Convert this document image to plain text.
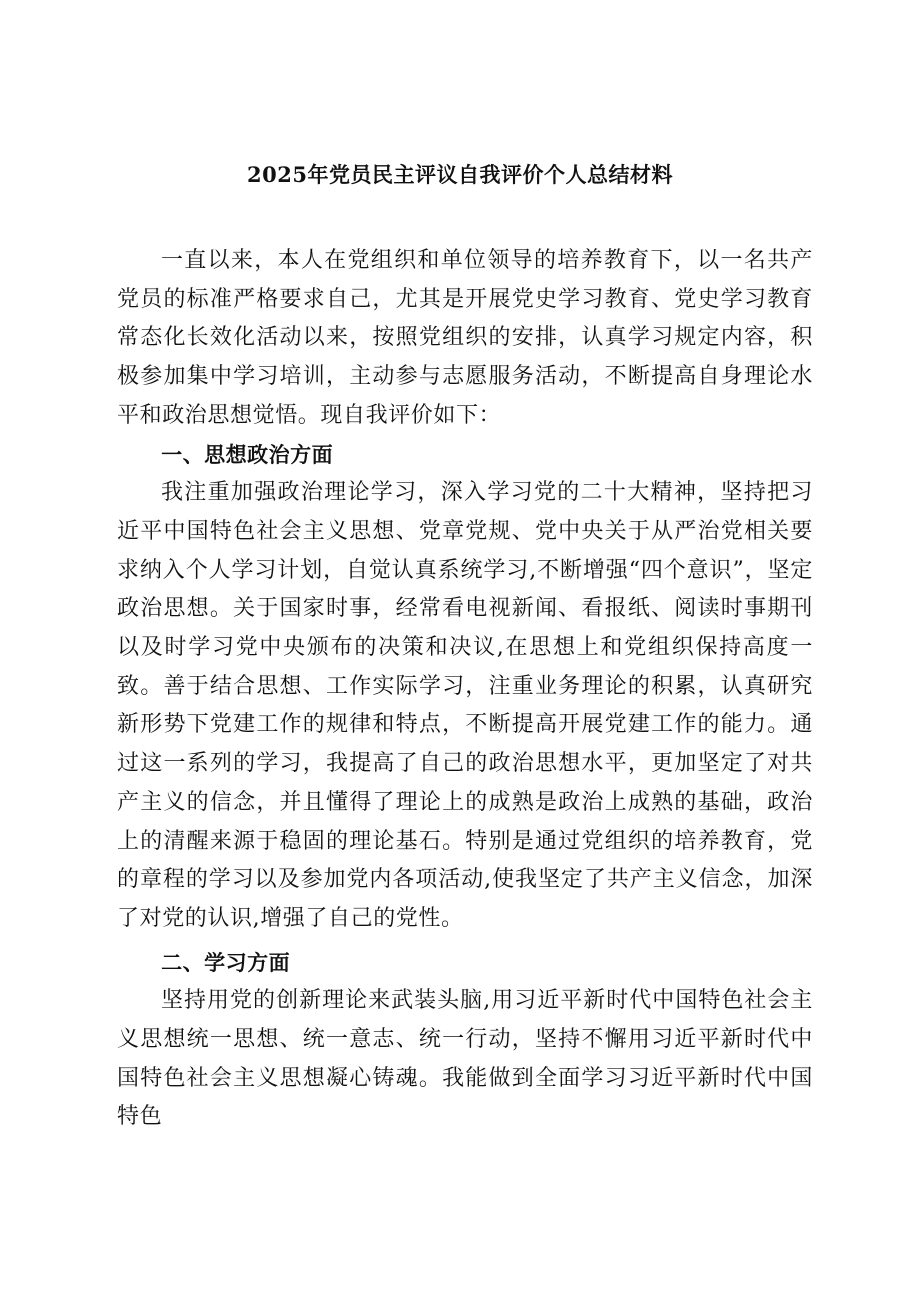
2025年党员民主评议自我评价个人总结材料

一直以来，本人在党组织和单位领导的培养教育下，以一名共产党员的标准严格要求自己，尤其是开展党史学习教育、党史学习教育常态化长效化活动以来，按照党组织的安排，认真学习规定内容，积极参加集中学习培训，主动参与志愿服务活动，不断提高自身理论水平和政治思想觉悟。现自我评价如下：

一、思想政治方面

我注重加强政治理论学习，深入学习党的二十大精神，坚持把习近平中国特色社会主义思想、党章党规、党中央关于从严治党相关要求纳入个人学习计划，自觉认真系统学习,不断增强“四个意识”，坚定政治思想。关于国家时事，经常看电视新闻、看报纸、阅读时事期刊以及时学习党中央颁布的决策和决议,在思想上和党组织保持高度一致。善于结合思想、工作实际学习，注重业务理论的积累，认真研究新形势下党建工作的规律和特点，不断提高开展党建工作的能力。通过这一系列的学习，我提高了自己的政治思想水平，更加坚定了对共产主义的信念，并且懂得了理论上的成熟是政治上成熟的基础，政治上的清醒来源于稳固的理论基石。特别是通过党组织的培养教育，党的章程的学习以及参加党内各项活动,使我坚定了共产主义信念，加深了对党的认识,增强了自己的党性。

二、学习方面

坚持用党的创新理论来武装头脑,用习近平新时代中国特色社会主义思想统一思想、统一意志、统一行动，坚持不懈用习近平新时代中国特色社会主义思想凝心铸魂。我能做到全面学习习近平新时代中国特色
